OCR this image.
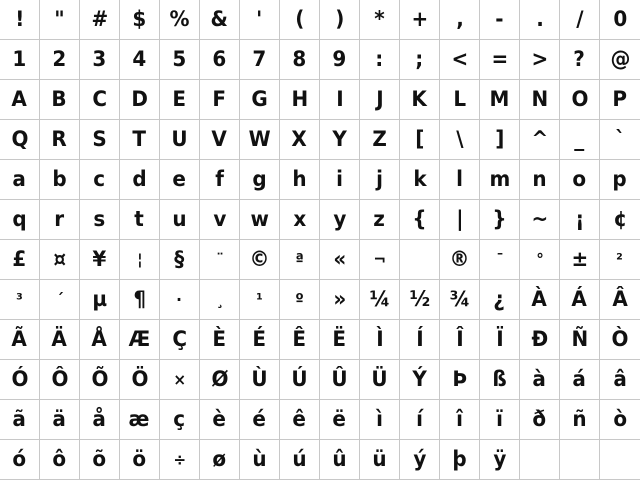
! " # $ % & ' ( ) * + , - . / 0
1 2 3 4 5 6 7 8 9 : ; < = > ? @
A B C D E F G H I J K L M N O P
Q R S T U V W X Y Z [ \ ] ^ _ `
a b c d e f g h i j k l m n o p
q r s t u v w x y z { | } ~ ¡ ¢
£ ¤ ¥ ¦ § ¨ © ª « ¬	® ¯ ° ± ²
³ ´ µ ¶ · ¸ ¹ º » ¼ ½ ¾ ¿ À Á Â
Ã Ä Å Æ Ç È É Ê Ë Ì Í Î Ï Ð Ñ Ò
Ó Ô Õ Ö × Ø Ù Ú Û Ü Ý Þ ß à á â
ã ä å æ ç è é ê ë ì í î ï ð ñ ò
ó ô õ ö ÷ ø ù ú û ü ý þ ÿ
